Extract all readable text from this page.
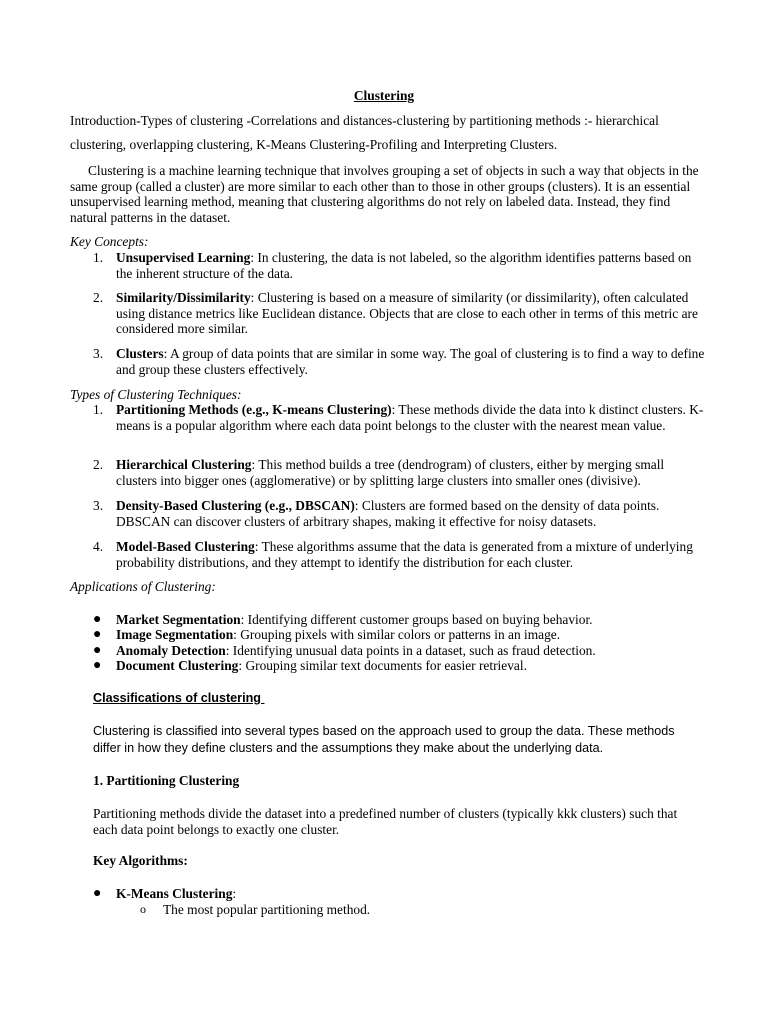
Clustering
Introduction-Types of clustering -Correlations and distances-clustering by partitioning methods :- hierarchical
clustering, overlapping clustering, K-Means Clustering-Profiling and Interpreting Clusters.
Clustering is a machine learning technique that involves grouping a set of objects in such a way that objects in the same group (called a cluster) are more similar to each other than to those in other groups (clusters). It is an essential unsupervised learning method, meaning that clustering algorithms do not rely on labeled data. Instead, they find natural patterns in the dataset.
Key Concepts:
1. Unsupervised Learning: In clustering, the data is not labeled, so the algorithm identifies patterns based on the inherent structure of the data.
2. Similarity/Dissimilarity: Clustering is based on a measure of similarity (or dissimilarity), often calculated using distance metrics like Euclidean distance. Objects that are close to each other in terms of this metric are considered more similar.
3. Clusters: A group of data points that are similar in some way. The goal of clustering is to find a way to define and group these clusters effectively.
Types of Clustering Techniques:
1. Partitioning Methods (e.g., K-means Clustering): These methods divide the data into k distinct clusters. K-means is a popular algorithm where each data point belongs to the cluster with the nearest mean value.
2. Hierarchical Clustering: This method builds a tree (dendrogram) of clusters, either by merging small clusters into bigger ones (agglomerative) or by splitting large clusters into smaller ones (divisive).
3. Density-Based Clustering (e.g., DBSCAN): Clusters are formed based on the density of data points. DBSCAN can discover clusters of arbitrary shapes, making it effective for noisy datasets.
4. Model-Based Clustering: These algorithms assume that the data is generated from a mixture of underlying probability distributions, and they attempt to identify the distribution for each cluster.
Applications of Clustering:
● Market Segmentation: Identifying different customer groups based on buying behavior.
● Image Segmentation: Grouping pixels with similar colors or patterns in an image.
● Anomaly Detection: Identifying unusual data points in a dataset, such as fraud detection.
● Document Clustering: Grouping similar text documents for easier retrieval.
Classifications of clustering
Clustering is classified into several types based on the approach used to group the data. These methods differ in how they define clusters and the assumptions they make about the underlying data.
1. Partitioning Clustering
Partitioning methods divide the dataset into a predefined number of clusters (typically kkk clusters) such that each data point belongs to exactly one cluster.
Key Algorithms:
● K-Means Clustering:
o The most popular partitioning method.
